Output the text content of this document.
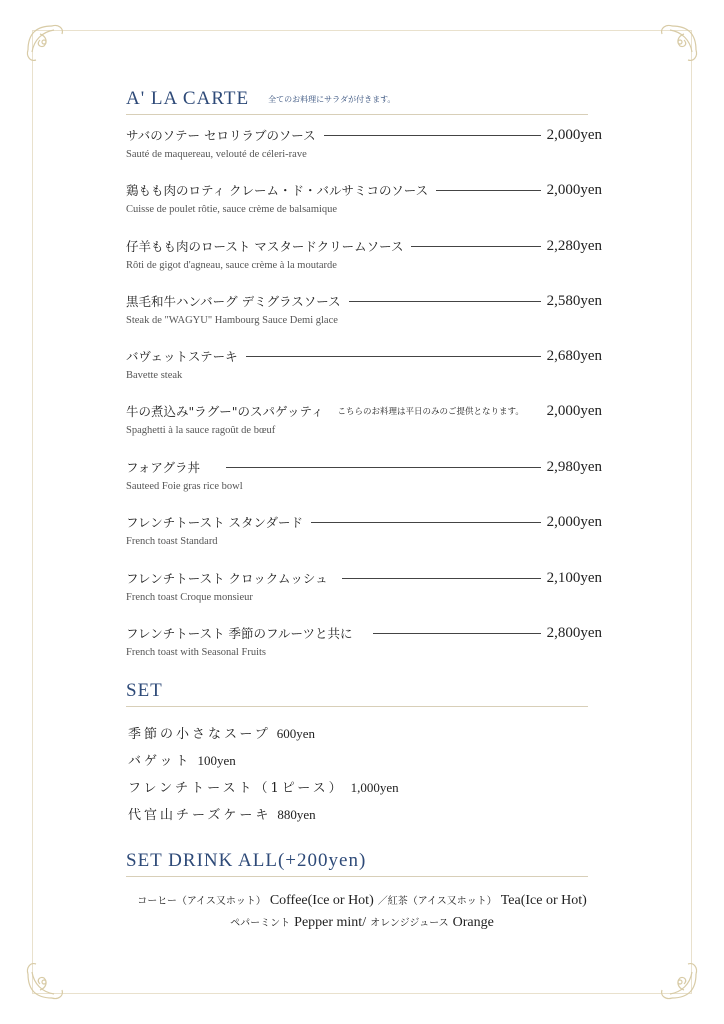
A' LA CARTE 全てのお料理にサラダが付きます。
サバのソテー セロリラブのソース	2,000yen
Sauté de maquereau, velouté de céleri-rave
鶏もも肉のロティ クレーム・ド・バルサミコのソース	2,000yen
Cuisse de poulet rôtie, sauce crème de balsamique
仔羊もも肉のロースト マスタードクリームソース	2,280yen
Rôti de gigot d'agneau, sauce crème à la moutarde
黒毛和牛ハンバーグ デミグラスソース	2,580yen
Steak de "WAGYU" Hambourg Sauce Demi glace
バヴェットステーキ	2,680yen
Bavette steak
牛の煮込み"ラグー"のスパゲッティ こちらのお料理は平日のみのご提供となります。 2,000yen
Spaghetti à la sauce ragoût de bœuf
フォアグラ丼	2,980yen
Sauteed Foie gras rice bowl
フレンチトースト スタンダード	2,000yen
French toast Standard
フレンチトースト クロックムッシュ	2,100yen
French toast Croque monsieur
フレンチトースト 季節のフルーツと共に	2,800yen
French toast with Seasonal Fruits
SET
季節の小さなスープ 600yen
バゲット 100yen
フレンチトースト（1ピース） 1,000yen
代官山チーズケーキ 880yen
SET DRINK ALL(+200yen)
コーヒー（アイス又ホット） Coffee(Ice or Hot) ／紅茶（アイス又ホット） Tea(Ice or Hot)
ペパーミント Pepper mint/ オレンジジュース Orange
